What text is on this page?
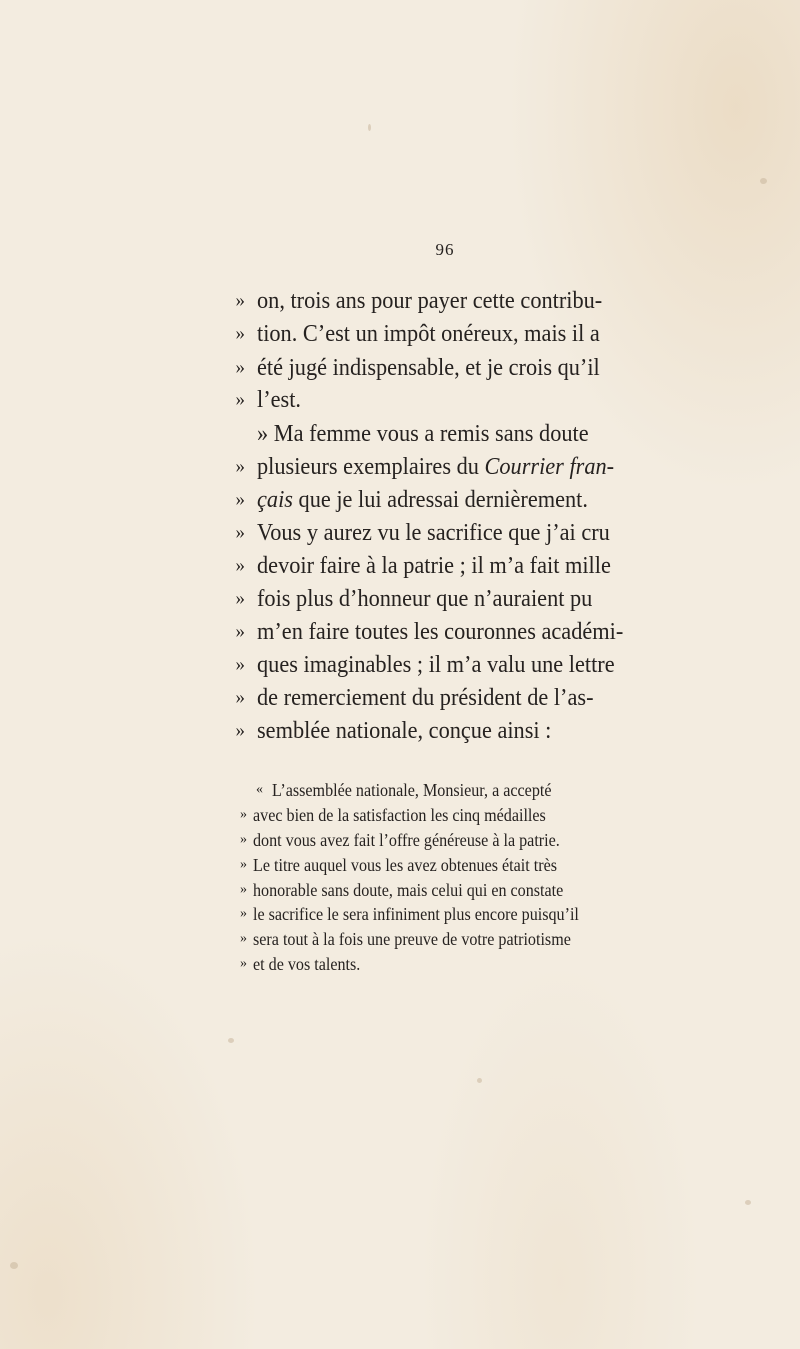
96
» on, trois ans pour payer cette contribu-
» tion. C’est un impôt onéreux, mais il a
» été jugé indispensable, et je crois qu’il
» l’est.
» Ma femme vous a remis sans doute
» plusieurs exemplaires du Courrier fran-
» çais que je lui adressai dernièrement.
» Vous y aurez vu le sacrifice que j’ai cru
» devoir faire à la patrie ; il m’a fait mille
» fois plus d’honneur que n’auraient pu
» m’en faire toutes les couronnes académi-
» ques imaginables ; il m’a valu une lettre
» de remerciement du président de l’as-
» semblée nationale, conçue ainsi :
« L’assemblée nationale, Monsieur, a accepté
» avec bien de la satisfaction les cinq médailles
» dont vous avez fait l’offre généreuse à la patrie.
» Le titre auquel vous les avez obtenues était très
» honorable sans doute, mais celui qui en constate
» le sacrifice le sera infiniment plus encore puisqu’il
» sera tout à la fois une preuve de votre patriotisme
» et de vos talents.
